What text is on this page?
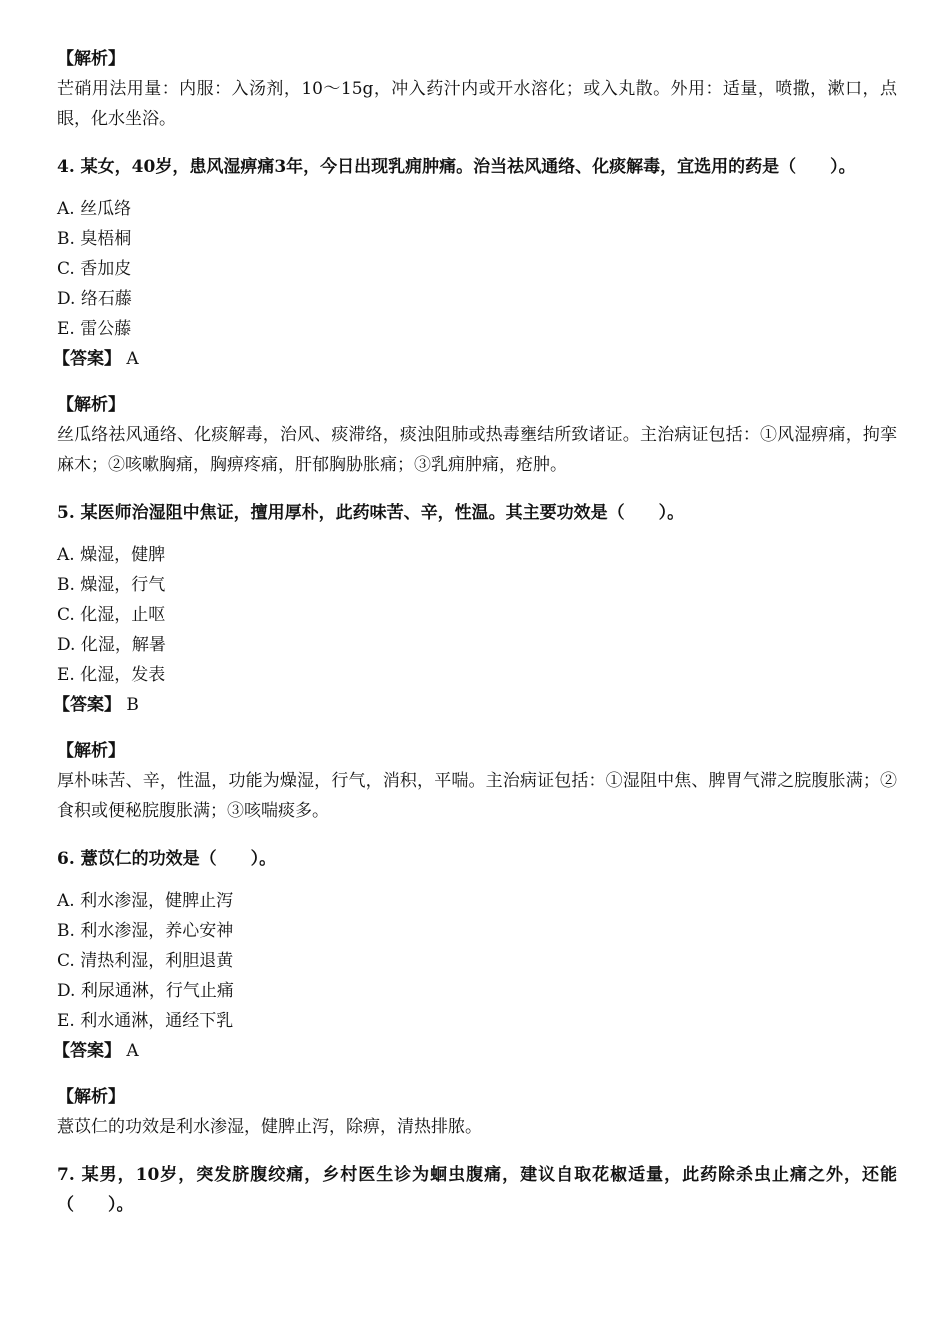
【解析】

芒硝用法用量：内服：入汤剂，10～15g，冲入药汁内或开水溶化；或入丸散。外用：适量，喷撒，漱口，点眼，化水坐浴。

4. 某女，40岁，患风湿痹痛3年，今日出现乳痈肿痛。治当祛风通络、化痰解毒，宜选用的药是（　　）。

A. 丝瓜络

B. 臭梧桐

C. 香加皮

D. 络石藤

E. 雷公藤

【答案】 A

【解析】

丝瓜络祛风通络、化痰解毒，治风、痰滞络，痰浊阻肺或热毒壅结所致诸证。主治病证包括：①风湿痹痛，拘挛麻木；②咳嗽胸痛，胸痹疼痛，肝郁胸胁胀痛；③乳痈肿痛，疮肿。

5. 某医师治湿阻中焦证，擅用厚朴，此药味苦、辛，性温。其主要功效是（　　）。

A. 燥湿，健脾

B. 燥湿，行气

C. 化湿，止呕

D. 化湿，解暑

E. 化湿，发表

【答案】 B

【解析】

厚朴味苦、辛，性温，功能为燥湿，行气，消积，平喘。主治病证包括：①湿阻中焦、脾胃气滞之脘腹胀满；②食积或便秘脘腹胀满；③咳喘痰多。

6. 薏苡仁的功效是（　　）。

A. 利水渗湿，健脾止泻

B. 利水渗湿，养心安神

C. 清热利湿，利胆退黄

D. 利尿通淋，行气止痛

E. 利水通淋，通经下乳

【答案】 A

【解析】

薏苡仁的功效是利水渗湿，健脾止泻，除痹，清热排脓。

7. 某男，10岁，突发脐腹绞痛，乡村医生诊为蛔虫腹痛，建议自取花椒适量，此药除杀虫止痛之外，还能（　　）。
